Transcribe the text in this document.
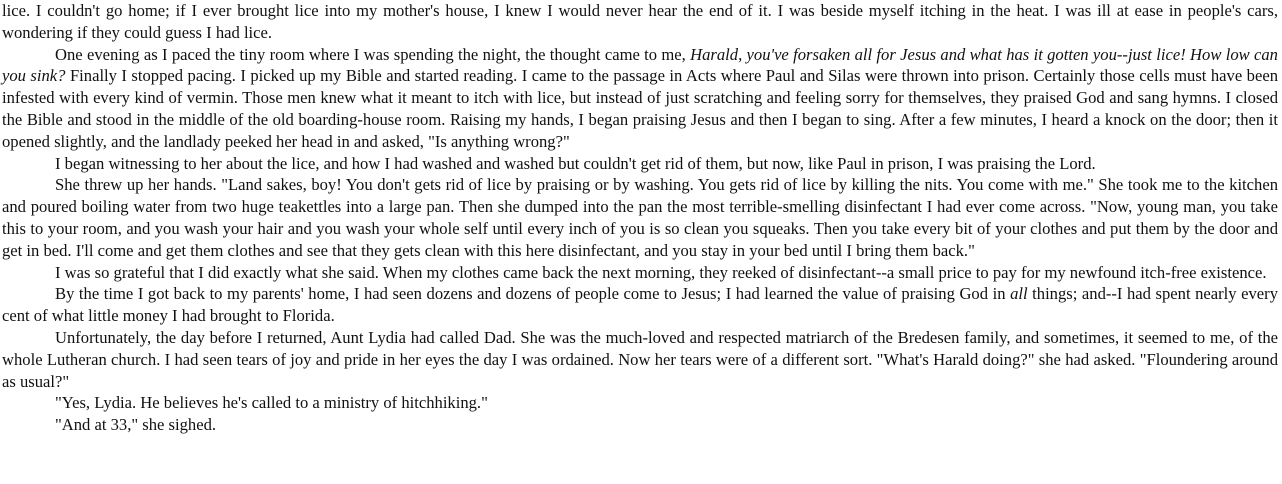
lice. I couldn't go home; if I ever brought lice into my mother's house, I knew I would never hear the end of it. I was beside myself itching in the heat. I was ill at ease in people's cars, wondering if they could guess I had lice.

One evening as I paced the tiny room where I was spending the night, the thought came to me, Harald, you've forsaken all for Jesus and what has it gotten you--just lice! How low can you sink? Finally I stopped pacing. I picked up my Bible and started reading. I came to the passage in Acts where Paul and Silas were thrown into prison. Certainly those cells must have been infested with every kind of vermin. Those men knew what it meant to itch with lice, but instead of just scratching and feeling sorry for themselves, they praised God and sang hymns. I closed the Bible and stood in the middle of the old boarding-house room. Raising my hands, I began praising Jesus and then I began to sing. After a few minutes, I heard a knock on the door; then it opened slightly, and the landlady peeked her head in and asked, "Is anything wrong?"

I began witnessing to her about the lice, and how I had washed and washed but couldn't get rid of them, but now, like Paul in prison, I was praising the Lord.

She threw up her hands. "Land sakes, boy! You don't gets rid of lice by praising or by washing. You gets rid of lice by killing the nits. You come with me." She took me to the kitchen and poured boiling water from two huge teakettles into a large pan. Then she dumped into the pan the most terrible-smelling disinfectant I had ever come across. "Now, young man, you take this to your room, and you wash your hair and you wash your whole self until every inch of you is so clean you squeaks. Then you take every bit of your clothes and put them by the door and get in bed. I'll come and get them clothes and see that they gets clean with this here disinfectant, and you stay in your bed until I bring them back."

I was so grateful that I did exactly what she said. When my clothes came back the next morning, they reeked of disinfectant--a small price to pay for my newfound itch-free existence.

By the time I got back to my parents' home, I had seen dozens and dozens of people come to Jesus; I had learned the value of praising God in all things; and--I had spent nearly every cent of what little money I had brought to Florida.

Unfortunately, the day before I returned, Aunt Lydia had called Dad. She was the much-loved and respected matriarch of the Bredesen family, and sometimes, it seemed to me, of the whole Lutheran church. I had seen tears of joy and pride in her eyes the day I was ordained. Now her tears were of a different sort. "What's Harald doing?" she had asked. "Floundering around as usual?"

"Yes, Lydia. He believes he's called to a ministry of hitchhiking."

"And at 33," she sighed.
